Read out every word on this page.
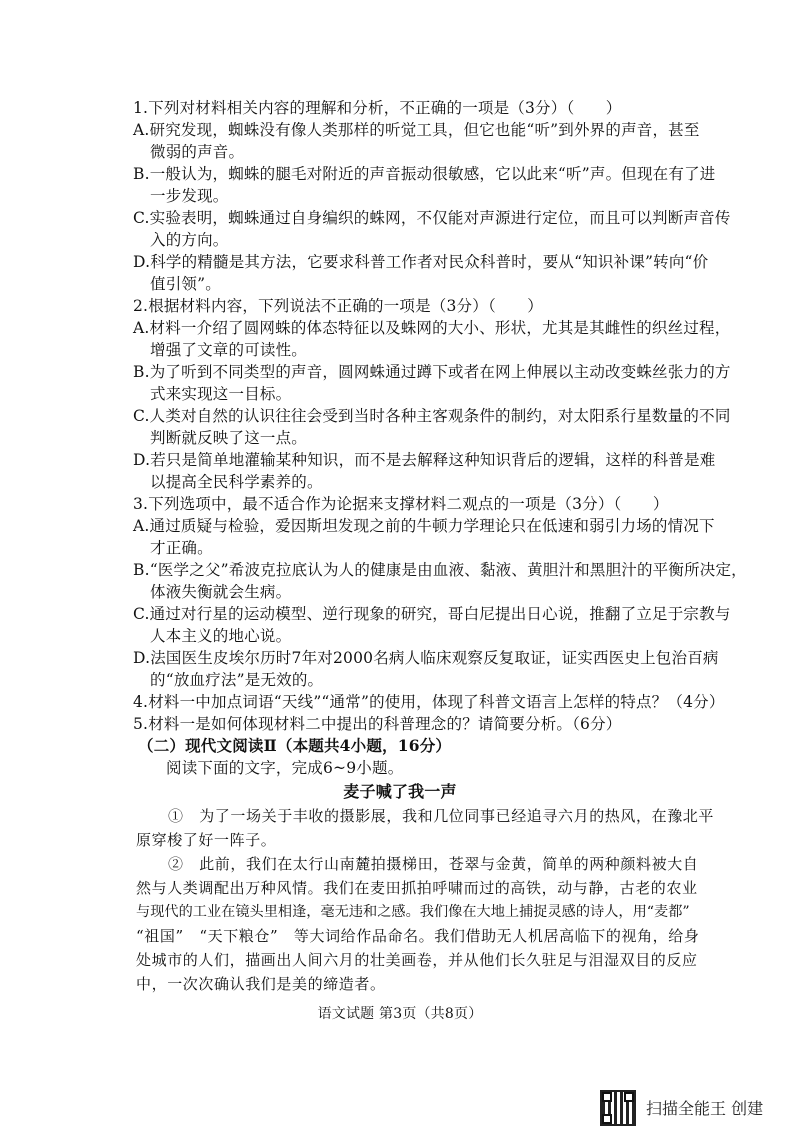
1.下列对材料相关内容的理解和分析，不正确的一项是（3分）（　　）
A.研究发现，蜘蛛没有像人类那样的听觉工具，但它也能“听”到外界的声音，甚至
微弱的声音。
B.一般认为，蜘蛛的腿毛对附近的声音振动很敏感，它以此来“听”声。但现在有了进
一步发现。
C.实验表明，蜘蛛通过自身编织的蛛网，不仅能对声源进行定位，而且可以判断声音传
入的方向。
D.科学的精髓是其方法，它要求科普工作者对民众科普时，要从“知识补课”转向“价
值引领”。
2.根据材料内容，下列说法不正确的一项是（3分）（　　）
A.材料一介绍了圆网蛛的体态特征以及蛛网的大小、形状，尤其是其雌性的织丝过程，
增强了文章的可读性。
B.为了听到不同类型的声音，圆网蛛通过蹲下或者在网上伸展以主动改变蛛丝张力的方
式来实现这一目标。
C.人类对自然的认识往往会受到当时各种主客观条件的制约，对太阳系行星数量的不同
判断就反映了这一点。
D.若只是简单地灌输某种知识，而不是去解释这种知识背后的逻辑，这样的科普是难
以提高全民科学素养的。
3.下列选项中，最不适合作为论据来支撑材料二观点的一项是（3分）（　　）
A.通过质疑与检验，爱因斯坦发现之前的牛顿力学理论只在低速和弱引力场的情况下
才正确。
B.“医学之父”希波克拉底认为人的健康是由血液、黏液、黄胆汁和黑胆汁的平衡所决定，
体液失衡就会生病。
C.通过对行星的运动模型、逆行现象的研究，哥白尼提出日心说，推翻了立足于宗教与
人本主义的地心说。
D.法国医生皮埃尔历时7年对2000名病人临床观察反复取证，证实西医史上包治百病
的“放血疗法”是无效的。
4.材料一中加点词语“天线”“通常”的使用，体现了科普文语言上怎样的特点？（4分）
5.材料一是如何体现材料二中提出的科普理念的？请简要分析。（6分）
（二）现代文阅读Ⅱ（本题共4小题，16分）
阅读下面的文字，完成6~9小题。
麦子喊了我一声
①　为了一场关于丰收的摄影展，我和几位同事已经追寻六月的热风，在豫北平
原穿梭了好一阵子。
②　此前，我们在太行山南麓拍摄梯田，苍翠与金黄，简单的两种颜料被大自
然与人类调配出万种风情。我们在麦田抓拍呼啸而过的高铁，动与静，古老的农业
与现代的工业在镜头里相逢，毫无违和之感。我们像在大地上捕捉灵感的诗人，用“麦都”
“祖国”　“天下粮仓”　等大词给作品命名。我们借助无人机居高临下的视角，给身
处城市的人们，描画出人间六月的壮美画卷，并从他们长久驻足与泪湿双目的反应
中，一次次确认我们是美的缔造者。
语文试题 第3页（共8页）
扫描全能王 创建
